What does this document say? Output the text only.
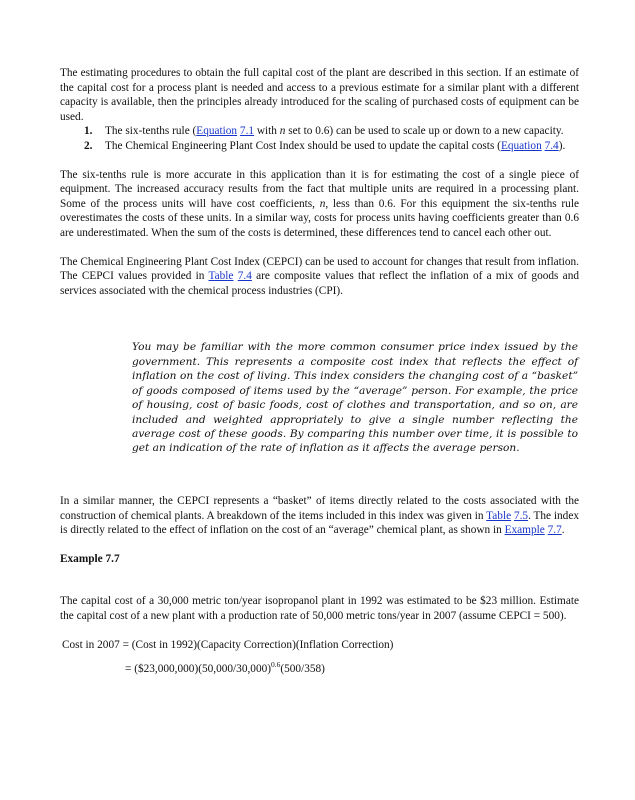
The estimating procedures to obtain the full capital cost of the plant are described in this section. If an estimate of the capital cost for a process plant is needed and access to a previous estimate for a similar plant with a different capacity is available, then the principles already introduced for the scaling of purchased costs of equipment can be used.

1. The six-tenths rule (Equation 7.1 with n set to 0.6) can be used to scale up or down to a new capacity.
2. The Chemical Engineering Plant Cost Index should be used to update the capital costs (Equation 7.4).

The six-tenths rule is more accurate in this application than it is for estimating the cost of a single piece of equipment. The increased accuracy results from the fact that multiple units are required in a processing plant. Some of the process units will have cost coefficients, n, less than 0.6. For this equipment the six-tenths rule overestimates the costs of these units. In a similar way, costs for process units having coefficients greater than 0.6 are underestimated. When the sum of the costs is determined, these differences tend to cancel each other out.

The Chemical Engineering Plant Cost Index (CEPCI) can be used to account for changes that result from inflation. The CEPCI values provided in Table 7.4 are composite values that reflect the inflation of a mix of goods and services associated with the chemical process industries (CPI).

You may be familiar with the more common consumer price index issued by the government. This represents a composite cost index that reflects the effect of inflation on the cost of living. This index considers the changing cost of a “basket” of goods composed of items used by the “average” person. For example, the price of housing, cost of basic foods, cost of clothes and transportation, and so on, are included and weighted appropriately to give a single number reflecting the average cost of these goods. By comparing this number over time, it is possible to get an indication of the rate of inflation as it affects the average person.

In a similar manner, the CEPCI represents a “basket” of items directly related to the costs associated with the construction of chemical plants. A breakdown of the items included in this index was given in Table 7.5. The index is directly related to the effect of inflation on the cost of an “average” chemical plant, as shown in Example 7.7.

Example 7.7

The capital cost of a 30,000 metric ton/year isopropanol plant in 1992 was estimated to be $23 million. Estimate the capital cost of a new plant with a production rate of 50,000 metric tons/year in 2007 (assume CEPCI = 500).

Cost in 2007 = (Cost in 1992)(Capacity Correction)(Inflation Correction)
= $(\$23,000,000)(50,000/30,000)^{0.6}(500/358)$
